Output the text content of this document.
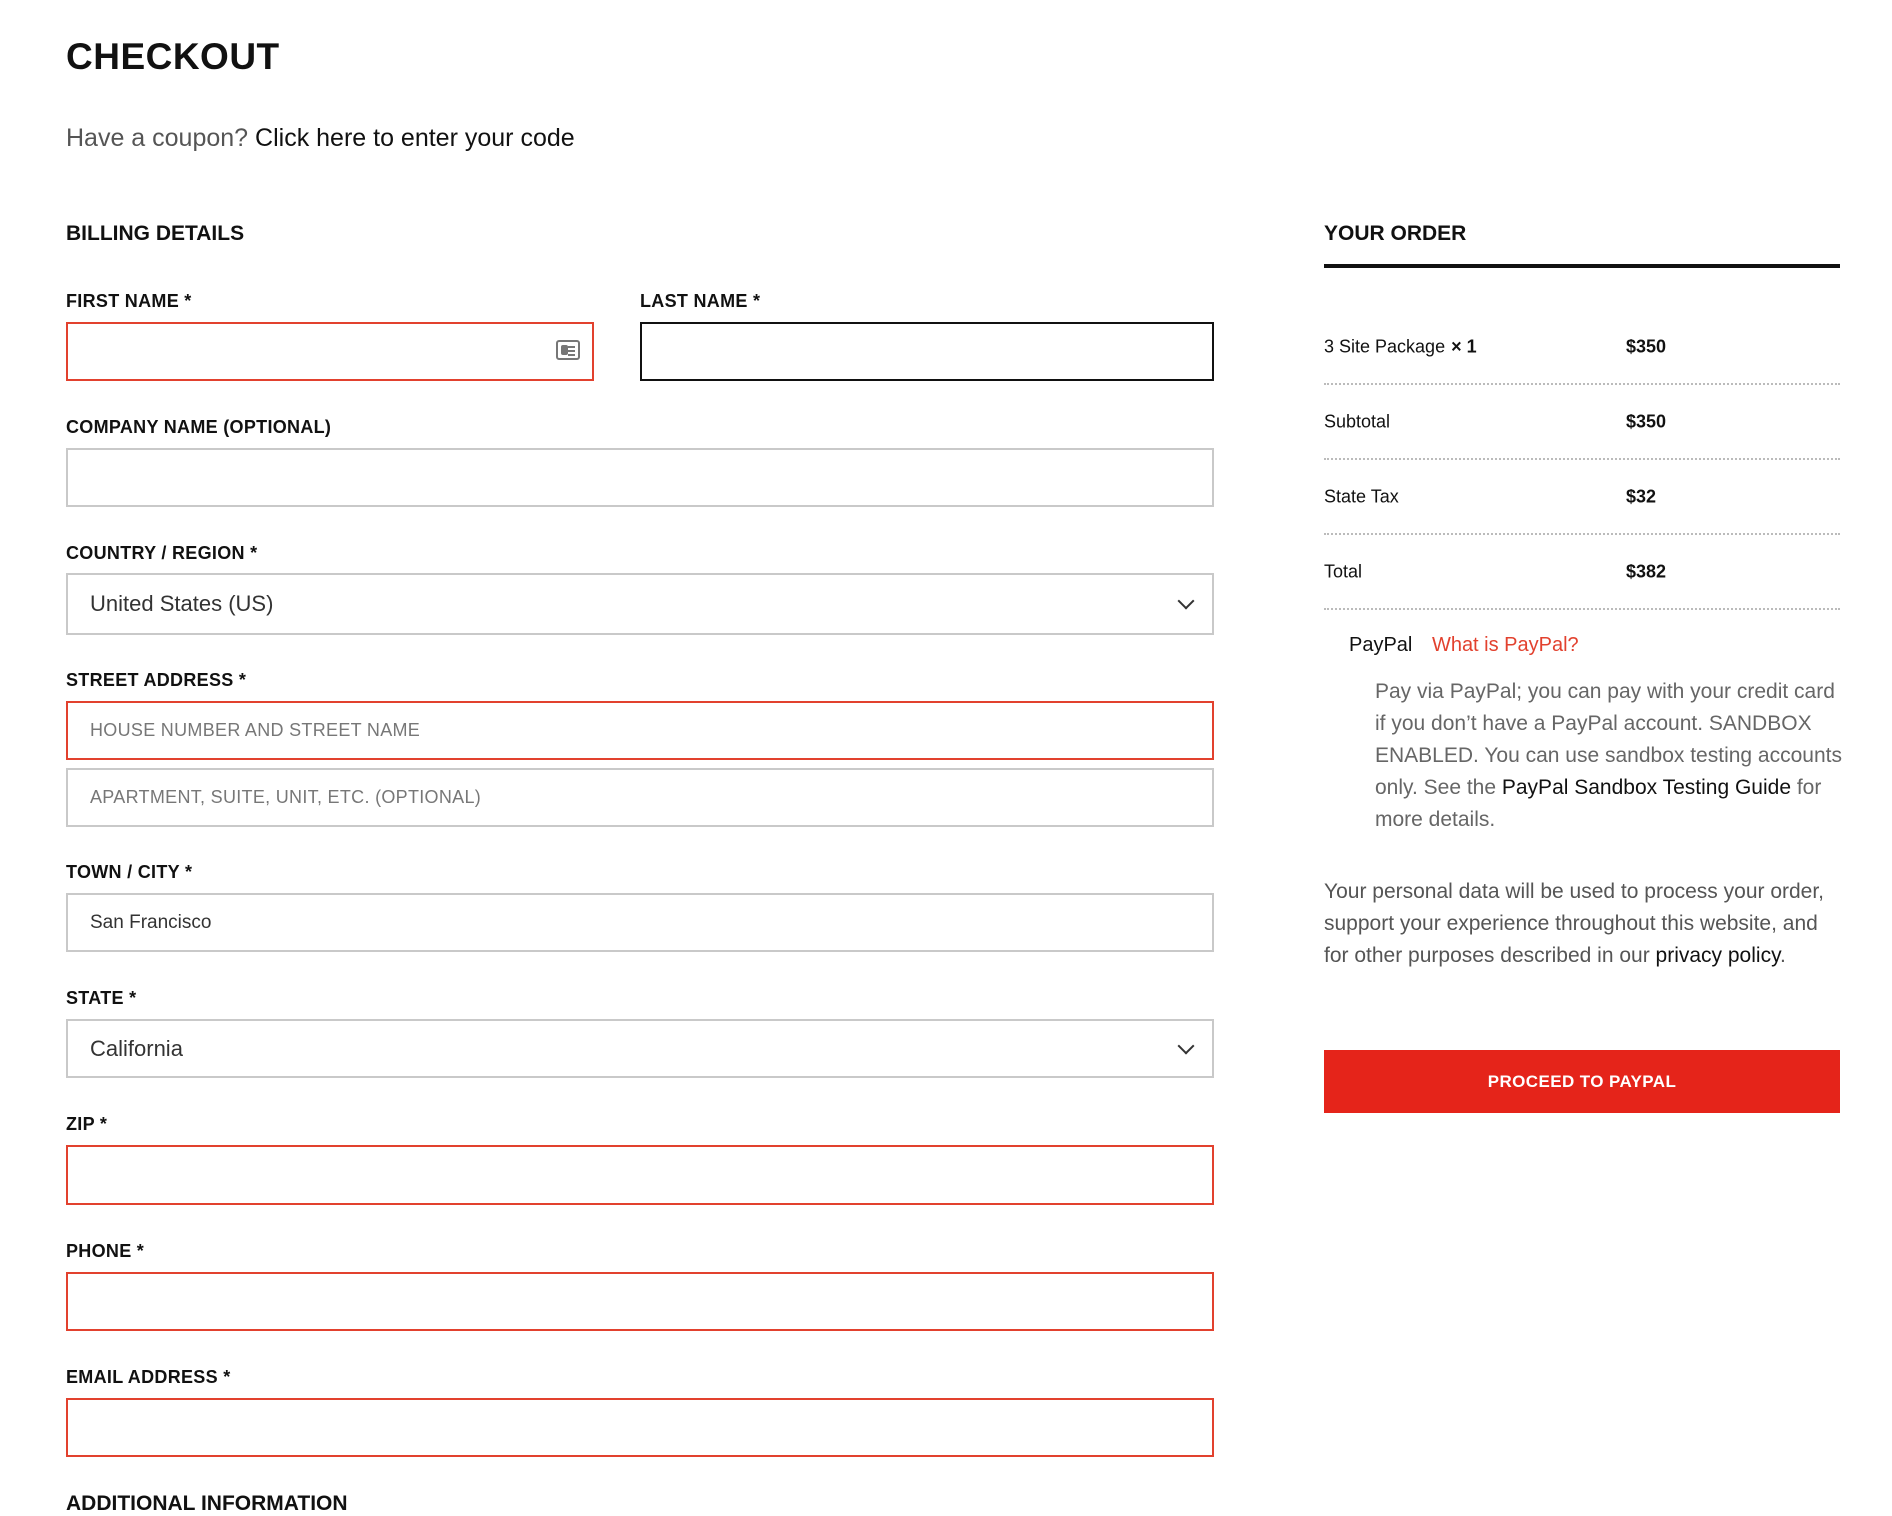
CHECKOUT
Have a coupon? Click here to enter your code
BILLING DETAILS
FIRST NAME *	LAST NAME *
COMPANY NAME (OPTIONAL)
COUNTRY / REGION *
United States (US)
STREET ADDRESS *
HOUSE NUMBER AND STREET NAME
APARTMENT, SUITE, UNIT, ETC. (OPTIONAL)
TOWN / CITY *
San Francisco
STATE *
California
ZIP *
PHONE *
EMAIL ADDRESS *
ADDITIONAL INFORMATION
YOUR ORDER
3 Site Package × 1	$350
Subtotal	$350
State Tax	$32
Total	$382
PayPal What is PayPal?
Pay via PayPal; you can pay with your credit card if you don’t have a PayPal account. SANDBOX ENABLED. You can use sandbox testing accounts only. See the PayPal Sandbox Testing Guide for more details.
Your personal data will be used to process your order, support your experience throughout this website, and for other purposes described in our privacy policy.
PROCEED TO PAYPAL
